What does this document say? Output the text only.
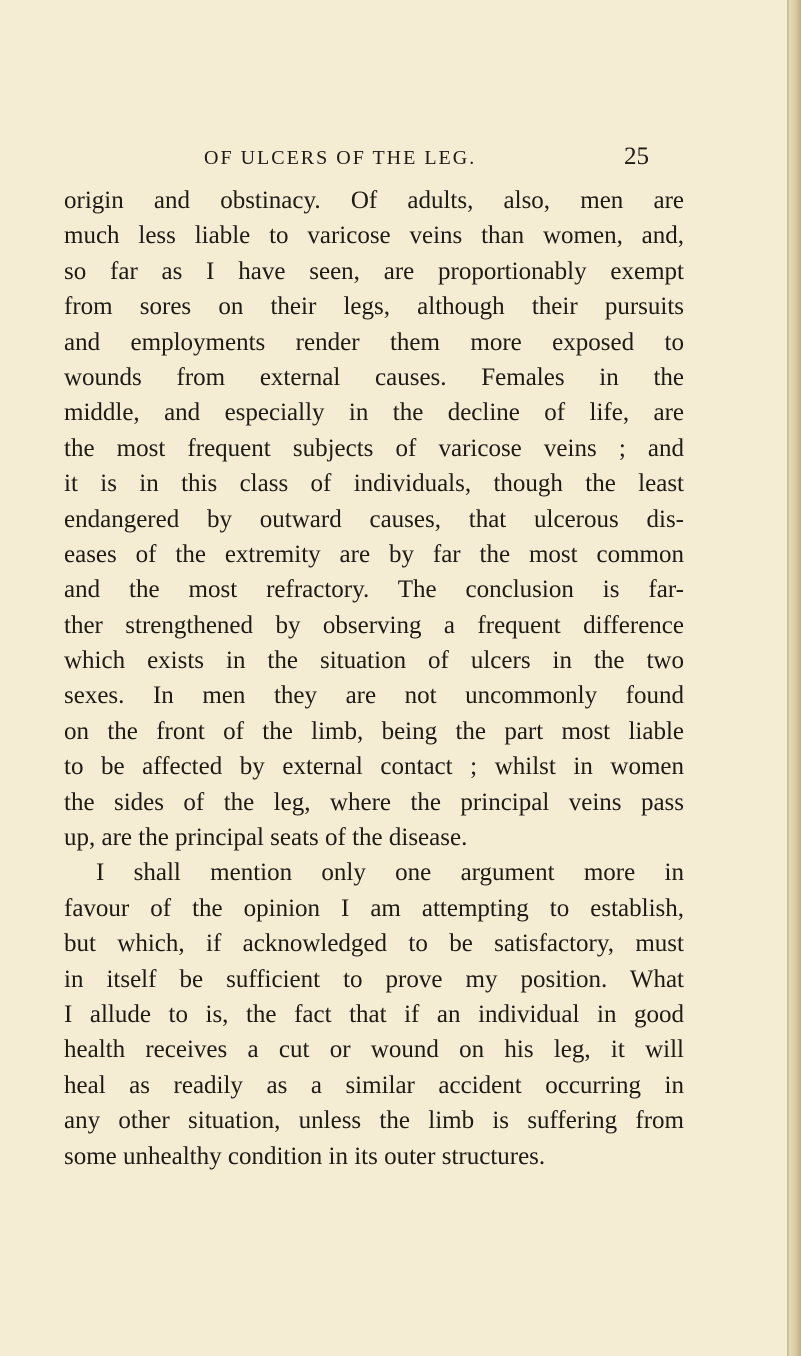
OF ULCERS OF THE LEG.	25
origin and obstinacy. Of adults, also, men are
much less liable to varicose veins than women, and,
so far as I have seen, are proportionably exempt
from sores on their legs, although their pursuits
and employments render them more exposed to
wounds from external causes. Females in the
middle, and especially in the decline of life, are
the most frequent subjects of varicose veins ; and
it is in this class of individuals, though the least
endangered by outward causes, that ulcerous dis-
eases of the extremity are by far the most common
and the most refractory. The conclusion is far-
ther strengthened by observing a frequent difference
which exists in the situation of ulcers in the two
sexes. In men they are not uncommonly found
on the front of the limb, being the part most liable
to be affected by external contact ; whilst in women
the sides of the leg, where the principal veins pass
up, are the principal seats of the disease.
I shall mention only one argument more in
favour of the opinion I am attempting to establish,
but which, if acknowledged to be satisfactory, must
in itself be sufficient to prove my position. What
I allude to is, the fact that if an individual in good
health receives a cut or wound on his leg, it will
heal as readily as a similar accident occurring in
any other situation, unless the limb is suffering from
some unhealthy condition in its outer structures.
